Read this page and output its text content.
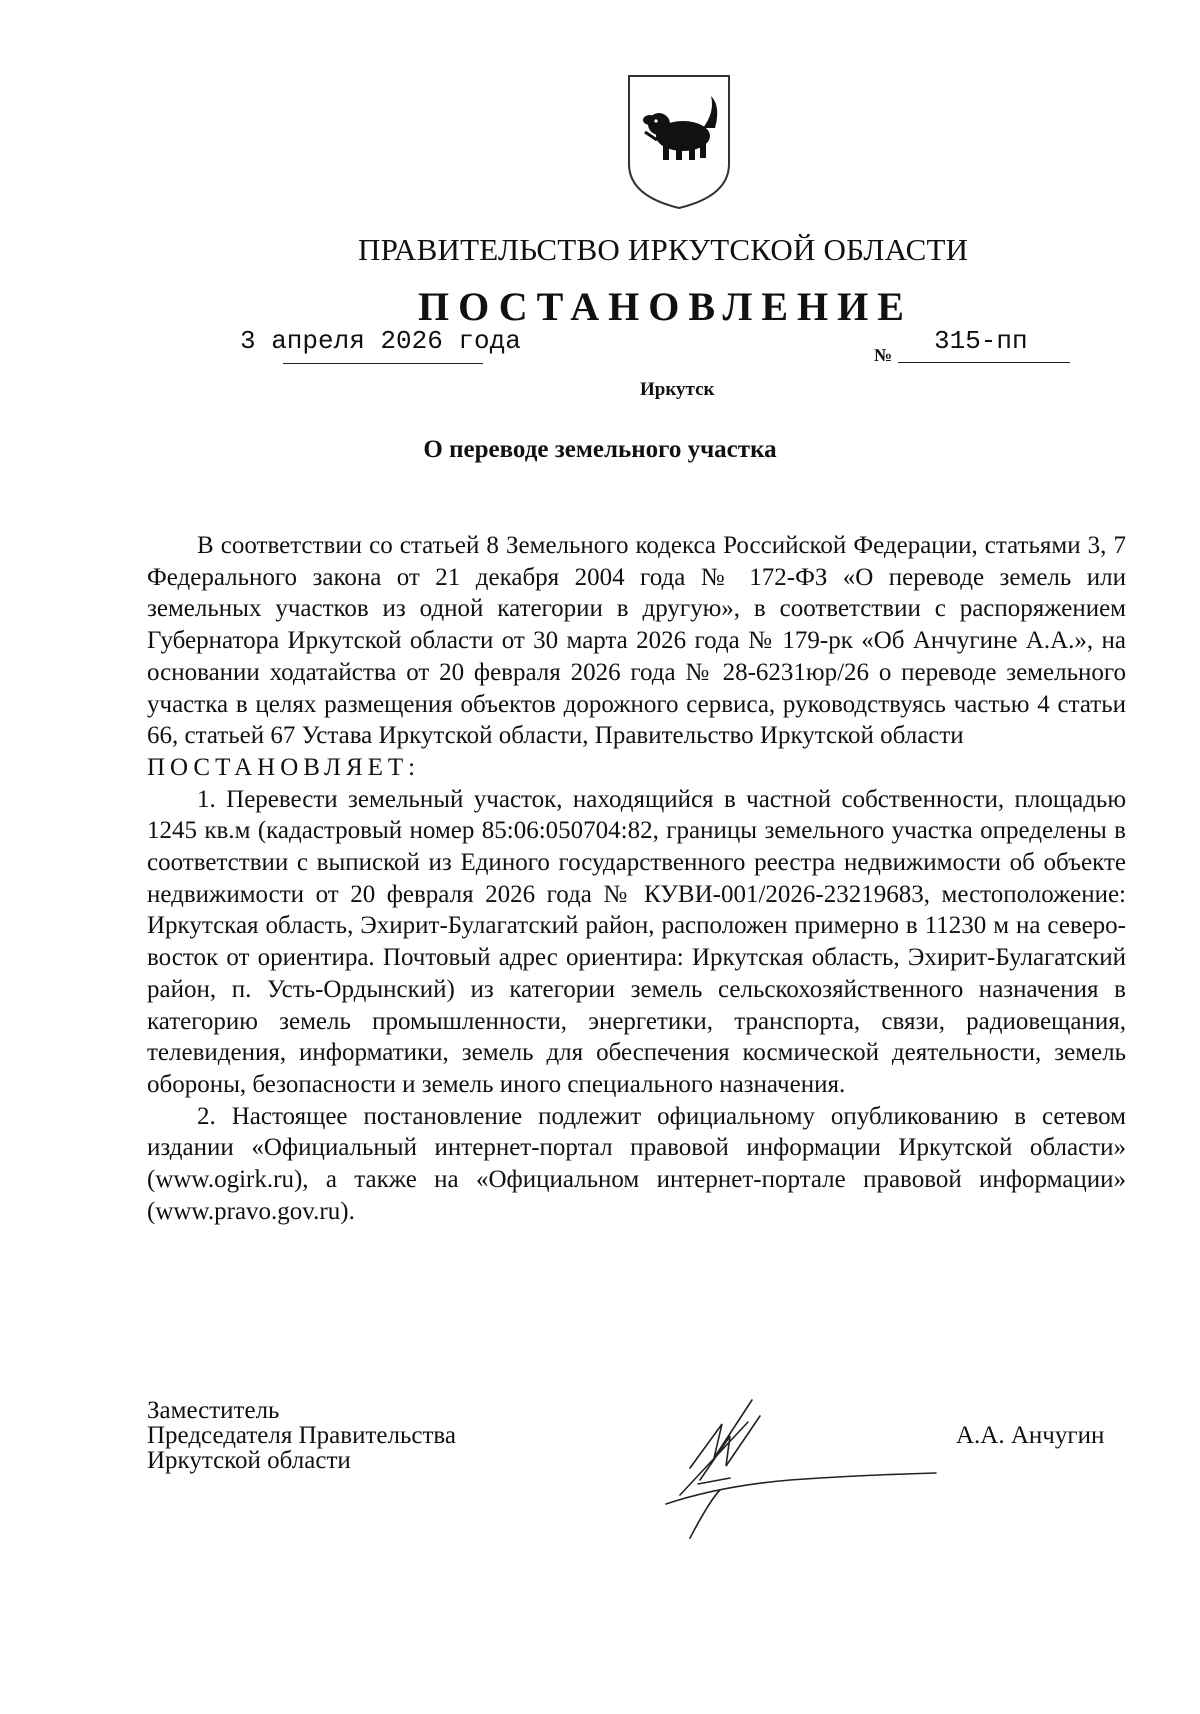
ПРАВИТЕЛЬСТВО ИРКУТСКОЙ ОБЛАСТИ
ПОСТАНОВЛЕНИЕ
3 апреля 2026 года	№ 315-пп
Иркутск
О переводе земельного участка

В соответствии со статьей 8 Земельного кодекса Российской Федерации, статьями 3, 7 Федерального закона от 21 декабря 2004 года № 172-ФЗ «О переводе земель или земельных участков из одной категории в другую», в соответствии с распоряжением Губернатора Иркутской области от 30 марта 2026 года № 179-рк «Об Анчугине А.А.», на основании ходатайства от 20 февраля 2026 года № 28-6231юр/26 о переводе земельного участка в целях размещения объектов дорожного сервиса, руководствуясь частью 4 статьи 66, статьей 67 Устава Иркутской области, Правительство Иркутской области

ПОСТАНОВЛЯЕТ:

1. Перевести земельный участок, находящийся в частной собственности, площадью 1245 кв.м (кадастровый номер 85:06:050704:82, границы земельного участка определены в соответствии с выпиской из Единого государственного реестра недвижимости об объекте недвижимости от 20 февраля 2026 года № КУВИ-001/2026-23219683, местоположение: Иркутская область, Эхирит-Булагатский район, расположен примерно в 11230 м на северо-восток от ориентира. Почтовый адрес ориентира: Иркутская область, Эхирит-Булагатский район, п. Усть-Ордынский) из категории земель сельскохозяйственного назначения в категорию земель промышленности, энергетики, транспорта, связи, радиовещания, телевидения, информатики, земель для обеспечения космической деятельности, земель обороны, безопасности и земель иного специального назначения.

2. Настоящее постановление подлежит официальному опубликованию в сетевом издании «Официальный интернет-портал правовой информации Иркутской области» (www.ogirk.ru), а также на «Официальном интернет-портале правовой информации» (www.pravo.gov.ru).

Заместитель
Председателя Правительства
Иркутской области
А.А. Анчугин
